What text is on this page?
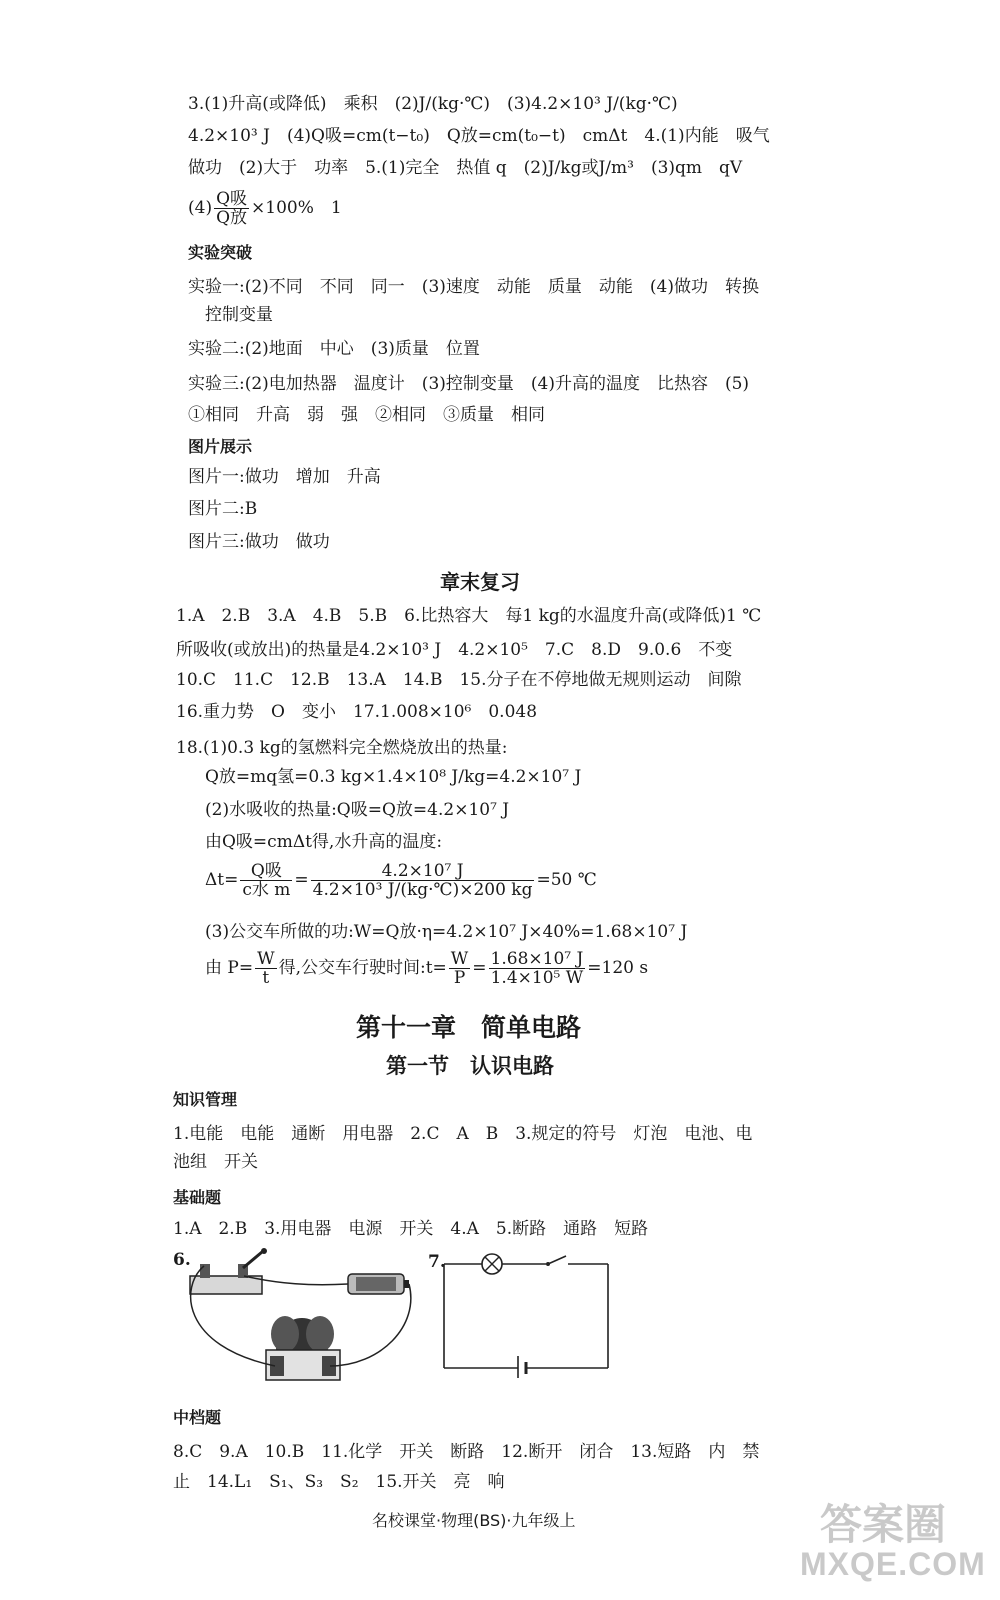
3.(1)升高(或降低)　乘积　(2)J/(kg·℃)　(3)4.2×10³ J/(kg·℃)
4.2×10³ J　(4)Q吸=cm(t−t₀)　Q放=cm(t₀−t)　cmΔt　4.(1)内能　吸气
做功　(2)大于　功率　5.(1)完全　热值 q　(2)J/kg或J/m³　(3)qm　qV
$(4) \frac{\text{Q吸}}{\text{Q放}} \times 100\%$　1
实验突破
实验一:(2)不同　不同　同一　(3)速度　动能　质量　动能　(4)做功　转换
控制变量
实验二:(2)地面　中心　(3)质量　位置
实验三:(2)电加热器　温度计　(3)控制变量　(4)升高的温度　比热容　(5)
①相同　升高　弱　强　②相同　③质量　相同
图片展示
图片一:做功　增加　升高
图片二:B
图片三:做功　做功
章末复习
1.A　2.B　3.A　4.B　5.B　6.比热容大　每1 kg的水温度升高(或降低)1 ℃
所吸收(或放出)的热量是4.2×10³ J　4.2×10⁵　7.C　8.D　9.0.6　不变
10.C　11.C　12.B　13.A　14.B　15.分子在不停地做无规则运动　间隙
16.重力势　O　变小　17.1.008×10⁶　0.048
18.(1)0.3 kg的氢燃料完全燃烧放出的热量:
Q放=mq氢=0.3 kg×1.4×10⁸ J/kg=4.2×10⁷ J
(2)水吸收的热量:Q吸=Q放=4.2×10⁷ J
由Q吸=cmΔt得,水升高的温度:
$\Delta t= \frac{\text{Q吸}}{\text{c水 m}} = \frac{\text{4.2×10⁷ J}}{\text{4.2×10³ J/(kg·℃)×200 kg}} =50$ ℃
(3)公交车所做的功:W=Q放·η=4.2×10⁷ J×40%=1.68×10⁷ J
由 $P= \frac{W}{t}$ 得,公交车行驶时间:t= $\frac{W}{P} = \frac{\text{1.68×10⁷ J}}{\text{1.4×10⁵ W}} =120$ s
第十一章　简单电路
第一节　认识电路
知识管理
1.电能　电能　通断　用电器　2.C　A　B　3.规定的符号　灯泡　电池、电
池组　开关
基础题
1.A　2.B　3.用电器　电源　开关　4.A　5.断路　通路　短路
6.	7.
中档题
8.C　9.A　10.B　11.化学　开关　断路　12.断开　闭合　13.短路　内　禁
止　14.L₁　S₁、S₃　S₂　15.开关　亮　响
名校课堂·物理(BS)·九年级上	答案圈
MXQE.COM
